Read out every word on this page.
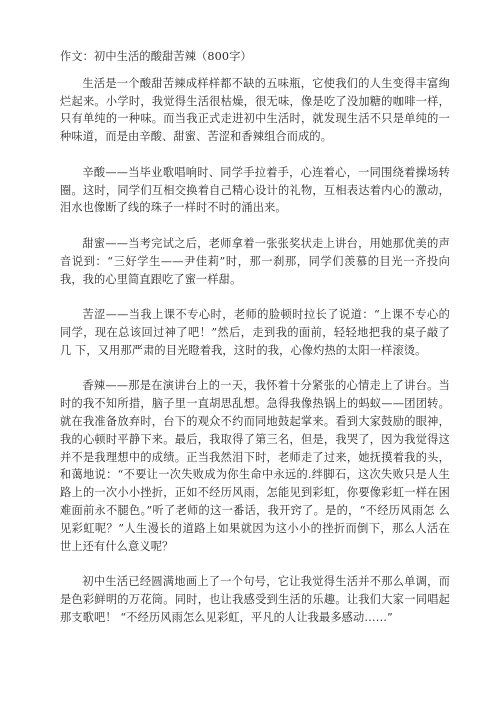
作文：初中生活的酸甜苦辣（800字）

生活是一个酸甜苦辣成样样都不缺的五味瓶，它使我们的人生变得丰富绚 烂起来。小学时，我觉得生活很枯燥，很无味，像是吃了没加糖的咖啡一样， 只有单纯的一种味。而当我正式走进初中生活时，就发现生活不只是单纯的一 种味道，而是由辛酸、甜蜜、苦涩和香辣组合而成的。

辛酸——当毕业歌唱响时、同学手拉着手，心连着心，一同围绕着操场转 圈。这时，同学们互相交换着自己精心设计的礼物，互相表达着内心的激动， 泪水也像断了线的珠子一样时不时的涌出来。

甜蜜——当考完试之后，老师拿着一张张奖状走上讲台，用她那优美的声 音说到：“三好学生——尹佳莉”时，那一刹那，同学们羡慕的目光一齐投向 我，我的心里简直跟吃了蜜一样甜。

苦涩——当我上课不专心时，老师的脸顿时拉长了说道：“上课不专心的 同学，现在总该回过神了吧！”然后，走到我的面前，轻轻地把我的桌子敲了几 下，又用那严肃的目光瞪着我，这时的我，心像灼热的太阳一样滚烫。

香辣——那是在演讲台上的一天，我怀着十分紧张的心情走上了讲台。当 时的我不知所措，脑子里一直胡思乱想。急得我像热锅上的蚂蚁——团团转。 就在我准备放弃时，台下的观众不约而同地鼓起掌来。看到大家鼓励的眼神， 我的心顿时平静下来。最后，我取得了第三名，但是，我哭了，因为我觉得这 并不是我理想中的成绩。正当我然泪下时，老师走了过来，她抚摸着我的头， 和蔼地说：“不要让一次失败成为你生命中永远的.绊脚石，这次失败只是人生 路上的一次小小挫折，正如不经历风雨，怎能见到彩虹，你要像彩虹一样在困 难面前永不腿色。”听了老师的这一番话，我开窍了。是的，“不经历风雨怎 么见彩虹呢？”人生漫长的道路上如果就因为这小小的挫折而倒下，那么人活在 世上还有什么意义呢？

初中生活已经圆满地画上了一个句号，它让我觉得生活并不那么单调，而 是色彩鲜明的万花筒。同时，也让我感受到生活的乐趣。让我们大家一同唱起 那支歌吧！ “不经历风雨怎么见彩虹，平凡的人让我最多感动……”
